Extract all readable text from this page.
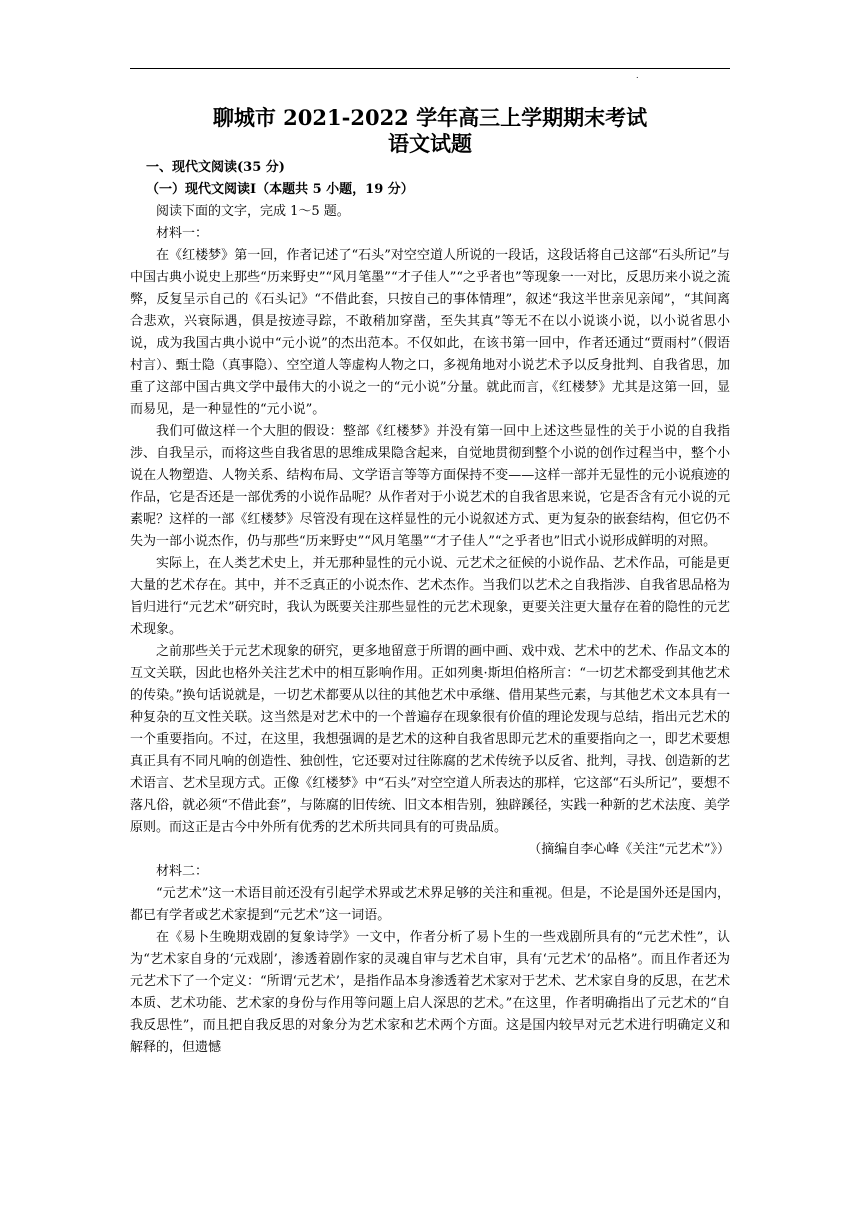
.
聊城市 2021-2022 学年高三上学期期末考试
语文试题
一、现代文阅读(35 分)
（一）现代文阅读Ⅰ（本题共 5 小题，19 分）
阅读下面的文字，完成 1～5 题。
材料一：

在《红楼梦》第一回，作者记述了“石头”对空空道人所说的一段话，这段话将自己这部“石头所记”与中国古典小说史上那些“历来野史”“风月笔墨”“才子佳人”“之乎者也”等现象一一对比，反思历来小说之流弊，反复呈示自己的《石头记》“不借此套，只按自己的事体情理”，叙述“我这半世亲见亲闻”，“其间离合悲欢，兴衰际遇，俱是按迹寻踪，不敢稍加穿凿，至失其真”等无不在以小说谈小说，以小说省思小说，成为我国古典小说中“元小说”的杰出范本。不仅如此，在该书第一回中，作者还通过“贾雨村”（假语村言）、甄士隐（真事隐）、空空道人等虚构人物之口，多视角地对小说艺术予以反身批判、自我省思，加重了这部中国古典文学中最伟大的小说之一的“元小说”分量。就此而言，《红楼梦》尤其是这第一回，显而易见，是一种显性的“元小说”。

我们可做这样一个大胆的假设：整部《红楼梦》并没有第一回中上述这些显性的关于小说的自我指涉、自我呈示，而将这些自我省思的思维成果隐含起来，自觉地贯彻到整个小说的创作过程当中，整个小说在人物塑造、人物关系、结构布局、文学语言等等方面保持不变——这样一部并无显性的元小说痕迹的作品，它是否还是一部优秀的小说作品呢？从作者对于小说艺术的自我省思来说，它是否含有元小说的元素呢？这样的一部《红楼梦》尽管没有现在这样显性的元小说叙述方式、更为复杂的嵌套结构，但它仍不失为一部小说杰作，仍与那些“历来野史”“风月笔墨”“才子佳人”“之乎者也”旧式小说形成鲜明的对照。

实际上，在人类艺术史上，并无那种显性的元小说、元艺术之征候的小说作品、艺术作品，可能是更大量的艺术存在。其中，并不乏真正的小说杰作、艺术杰作。当我们以艺术之自我指涉、自我省思品格为旨归进行“元艺术”研究时，我认为既要关注那些显性的元艺术现象，更要关注更大量存在着的隐性的元艺术现象。

之前那些关于元艺术现象的研究，更多地留意于所谓的画中画、戏中戏、艺术中的艺术、作品文本的互文关联，因此也格外关注艺术中的相互影响作用。正如列奥·斯坦伯格所言：“一切艺术都受到其他艺术的传染。”换句话说就是，一切艺术都要从以往的其他艺术中承继、借用某些元素，与其他艺术文本具有一种复杂的互文性关联。这当然是对艺术中的一个普遍存在现象很有价值的理论发现与总结，指出元艺术的一个重要指向。不过，在这里，我想强调的是艺术的这种自我省思即元艺术的重要指向之一，即艺术要想真正具有不同凡响的创造性、独创性，它还要对过往陈腐的艺术传统予以反省、批判，寻找、创造新的艺术语言、艺术呈现方式。正像《红楼梦》中“石头”对空空道人所表达的那样，它这部“石头所记”，要想不落凡俗，就必须“不借此套”，与陈腐的旧传统、旧文本相告别，独辟蹊径，实践一种新的艺术法度、美学原则。而这正是古今中外所有优秀的艺术所共同具有的可贵品质。

（摘编自李心峰《关注“元艺术”》）
材料二：

“元艺术”这一术语目前还没有引起学术界或艺术界足够的关注和重视。但是，不论是国外还是国内，都已有学者或艺术家提到“元艺术”这一词语。

在《易卜生晚期戏剧的复象诗学》一文中，作者分析了易卜生的一些戏剧所具有的“元艺术性”，认为“艺术家自身的‘元戏剧’，渗透着剧作家的灵魂自审与艺术自审，具有‘元艺术’的品格”。而且作者还为元艺术下了一个定义：“所谓‘元艺术’，是指作品本身渗透着艺术家对于艺术、艺术家自身的反思，在艺术本质、艺术功能、艺术家的身份与作用等问题上启人深思的艺术。”在这里，作者明确指出了元艺术的“自我反思性”，而且把自我反思的对象分为艺术家和艺术两个方面。这是国内较早对元艺术进行明确定义和解释的，但遗憾
